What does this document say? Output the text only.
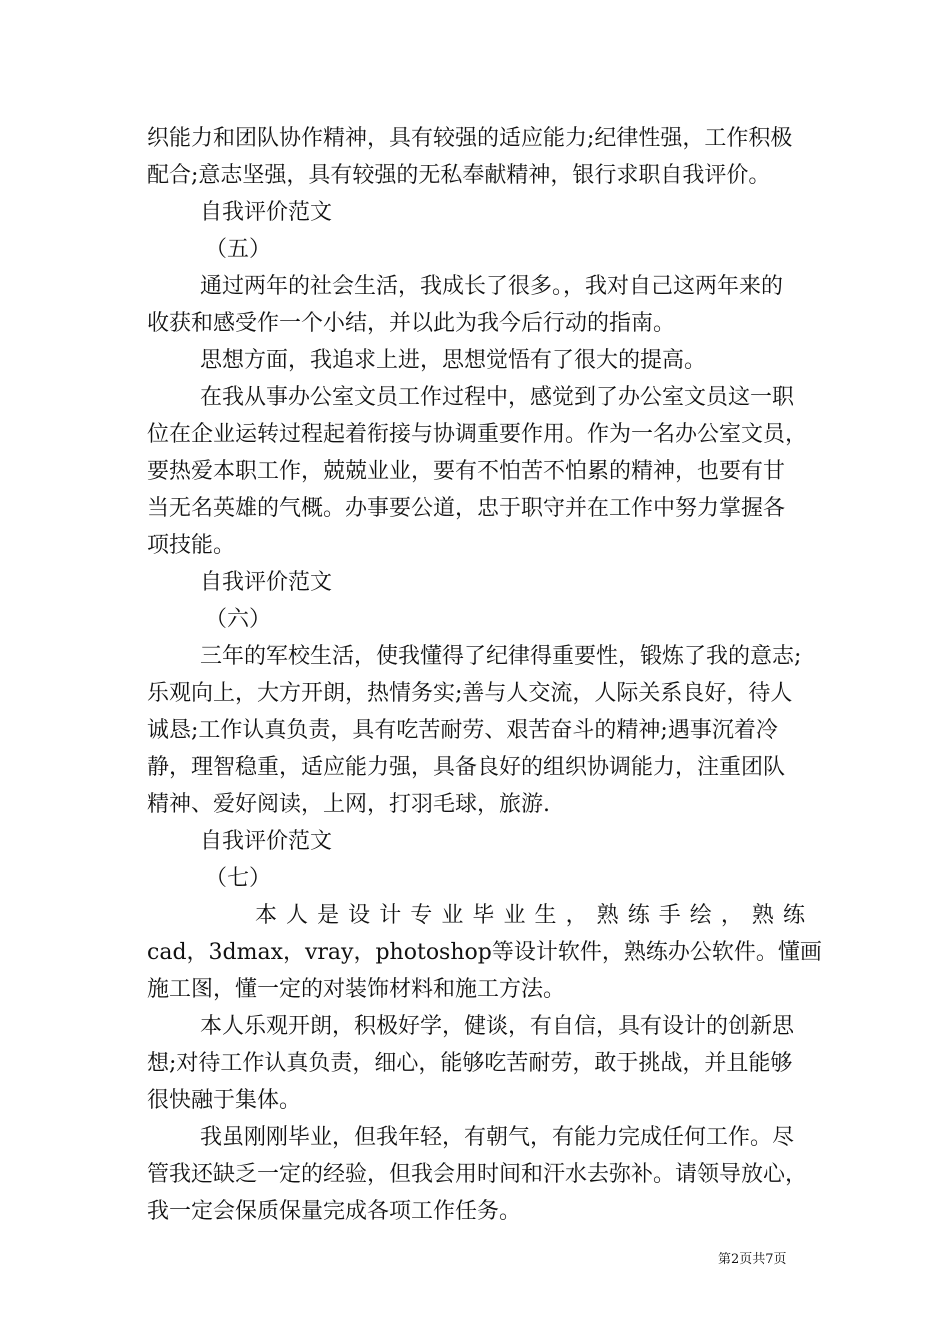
织能力和团队协作精神，具有较强的适应能力;纪律性强，工作积极
配合;意志坚强，具有较强的无私奉献精神，银行求职自我评价。
自我评价范文
（五）
通过两年的社会生活，我成长了很多。，我对自己这两年来的
收获和感受作一个小结，并以此为我今后行动的指南。
思想方面，我追求上进，思想觉悟有了很大的提高。
在我从事办公室文员工作过程中，感觉到了办公室文员这一职
位在企业运转过程起着衔接与协调重要作用。作为一名办公室文员，
要热爱本职工作，兢兢业业，要有不怕苦不怕累的精神，也要有甘
当无名英雄的气概。办事要公道，忠于职守并在工作中努力掌握各
项技能。
自我评价范文
（六）
三年的军校生活，使我懂得了纪律得重要性，锻炼了我的意志;
乐观向上，大方开朗，热情务实;善与人交流，人际关系良好，待人
诚恳;工作认真负责，具有吃苦耐劳、艰苦奋斗的精神;遇事沉着冷
静，理智稳重，适应能力强，具备良好的组织协调能力，注重团队
精神、爱好阅读，上网，打羽毛球，旅游.
自我评价范文
（七）
本人是设计专业毕业生，熟练手绘，熟练
cad，3dmax，vray，photoshop等设计软件，熟练办公软件。懂画
施工图，懂一定的对装饰材料和施工方法。
本人乐观开朗，积极好学，健谈，有自信，具有设计的创新思
想;对待工作认真负责，细心，能够吃苦耐劳，敢于挑战，并且能够
很快融于集体。
我虽刚刚毕业，但我年轻，有朝气，有能力完成任何工作。尽
管我还缺乏一定的经验，但我会用时间和汗水去弥补。请领导放心，
我一定会保质保量完成各项工作任务。
第2页共7页
